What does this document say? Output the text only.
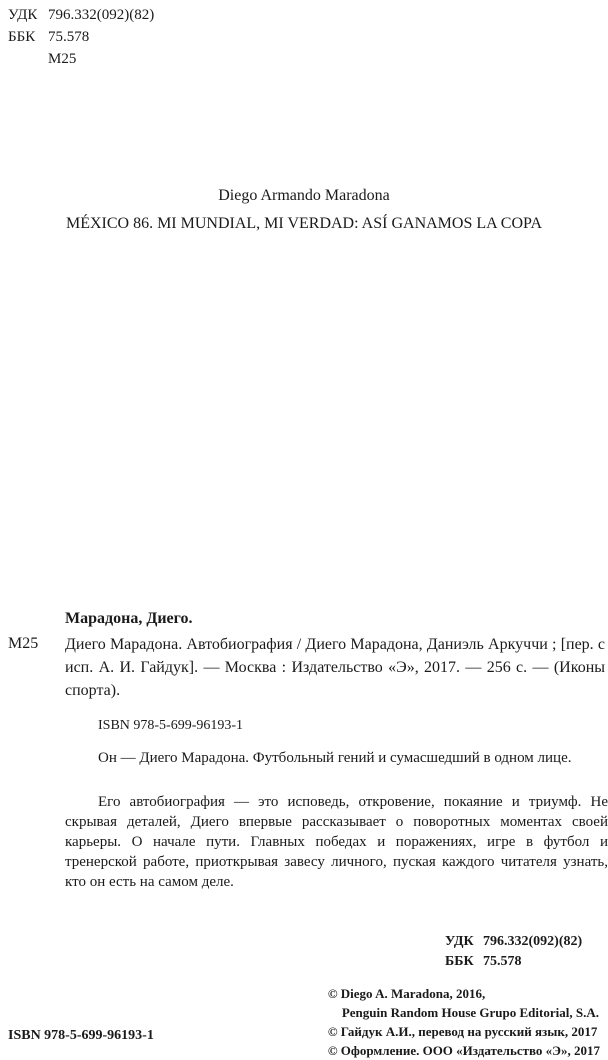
УДК 796.332(092)(82)
ББК 75.578
М25
Diego Armando Maradona
MÉXICO 86. MI MUNDIAL, MI VERDAD: ASÍ GANAMOS LA COPA
Марадона, Диего.
М25 Диего Марадона. Автобиография / Диего Марадона, Даниэль Аркуччи ; [пер. с исп. А. И. Гайдук]. — Москва : Издательство «Э», 2017. — 256 с. — (Иконы спорта).
ISBN 978-5-699-96193-1
Он — Диего Марадона. Футбольный гений и сумасшедший в одном лице.
Его автобиография — это исповедь, откровение, покаяние и триумф. Не скрывая деталей, Диего впервые рассказывает о поворотных моментах своей карьеры. О начале пути. Главных победах и поражениях, игре в футбол и тренерской работе, приоткрывая завесу личного, пуская каждого читателя узнать, кто он есть на самом деле.
УДК 796.332(092)(82)
ББК 75.578
© Diego A. Maradona, 2016,
Penguin Random House Grupo Editorial, S.A.
© Гайдук А.И., перевод на русский язык, 2017
© Оформление. ООО «Издательство «Э», 2017
ISBN 978-5-699-96193-1
